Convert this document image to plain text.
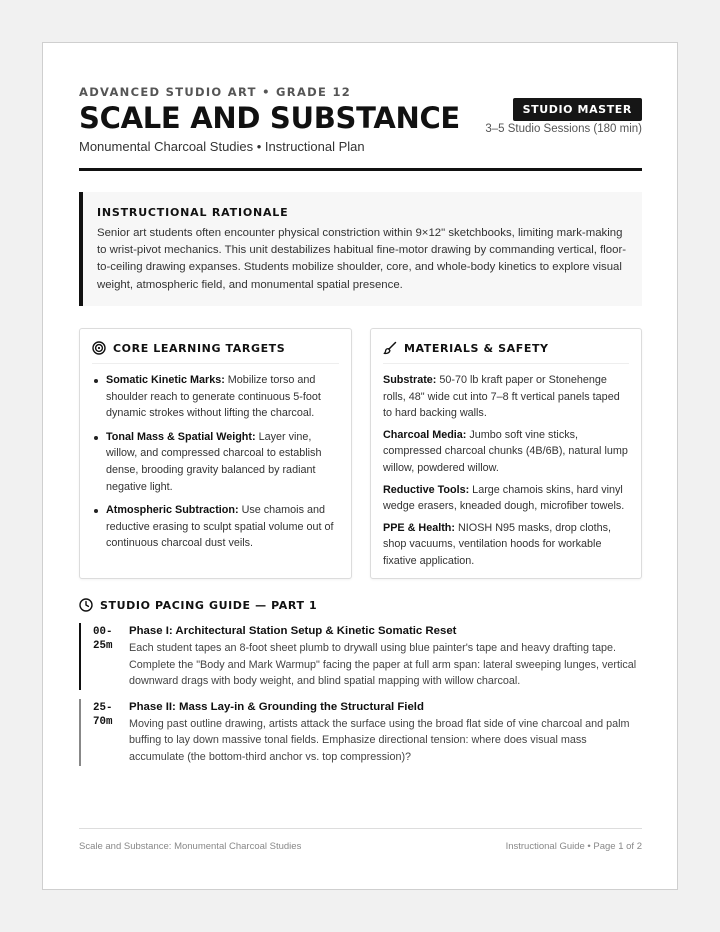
ADVANCED STUDIO ART • GRADE 12
SCALE AND SUBSTANCE
Monumental Charcoal Studies • Instructional Plan
STUDIO MASTER
3–5 Studio Sessions (180 min)
INSTRUCTIONAL RATIONALE

Senior art students often encounter physical constriction within 9×12" sketchbooks, limiting mark-making to wrist-pivot mechanics. This unit destabilizes habitual fine-motor drawing by commanding vertical, floor-to-ceiling drawing expanses. Students mobilize shoulder, core, and whole-body kinetics to explore visual weight, atmospheric field, and monumental spatial presence.

CORE LEARNING TARGETS
Somatic Kinetic Marks: Mobilize torso and shoulder reach to generate continuous 5-foot dynamic strokes without lifting the charcoal.
Tonal Mass & Spatial Weight: Layer vine, willow, and compressed charcoal to establish dense, brooding gravity balanced by radiant negative light.
Atmospheric Subtraction: Use chamois and reductive erasing to sculpt spatial volume out of continuous charcoal dust veils.
MATERIALS & SAFETY

Substrate: 50-70 lb kraft paper or Stonehenge rolls, 48" wide cut into 7–8 ft vertical panels taped to hard backing walls.

Charcoal Media: Jumbo soft vine sticks, compressed charcoal chunks (4B/6B), natural lump willow, powdered willow.

Reductive Tools: Large chamois skins, hard vinyl wedge erasers, kneaded dough, microfiber towels.

PPE & Health: NIOSH N95 masks, drop cloths, shop vacuums, ventilation hoods for workable fixative application.

STUDIO PACING GUIDE — PART 1
00-
25m
Phase I: Architectural Station Setup & Kinetic Somatic Reset

Each student tapes an 8-foot sheet plumb to drywall using blue painter's tape and heavy drafting tape. Complete the "Body and Mark Warmup" facing the paper at full arm span: lateral sweeping lunges, vertical downward drags with body weight, and blind spatial mapping with willow charcoal.

25-
70m
Phase II: Mass Lay-in & Grounding the Structural Field

Moving past outline drawing, artists attack the surface using the broad flat side of vine charcoal and palm buffing to lay down massive tonal fields. Emphasize directional tension: where does visual mass accumulate (the bottom-third anchor vs. top compression)?

Scale and Substance: Monumental Charcoal Studies	Instructional Guide • Page 1 of 2
